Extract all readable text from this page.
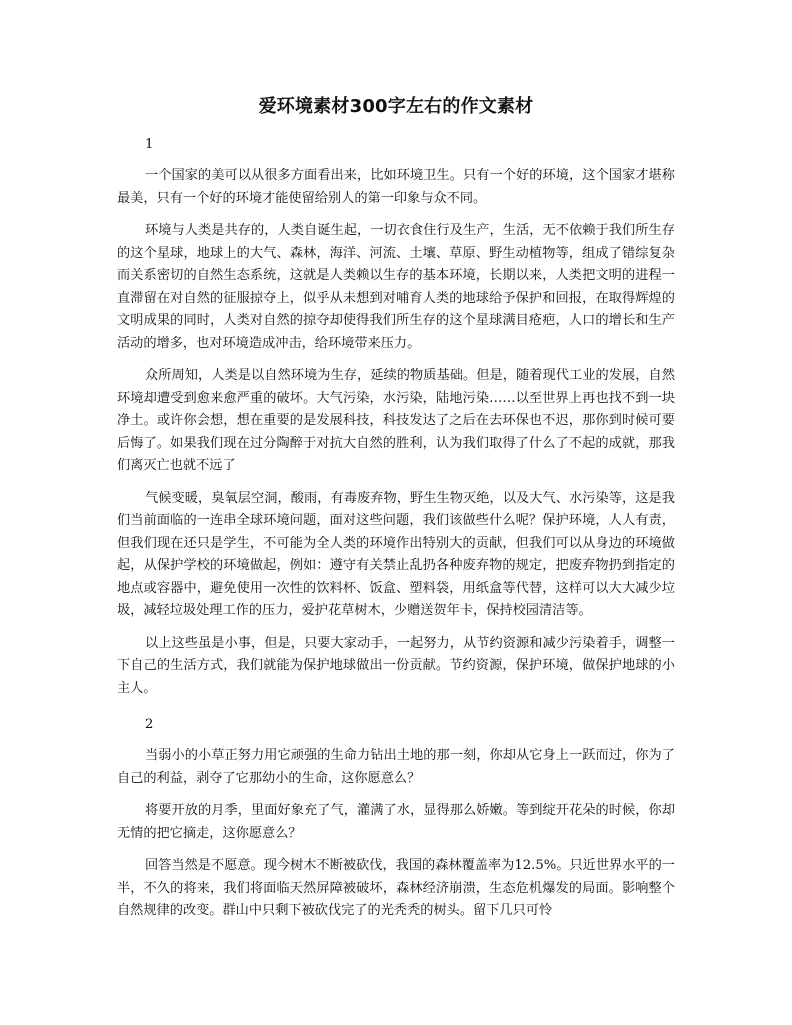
爱环境素材300字左右的作文素材
1

一个国家的美可以从很多方面看出来，比如环境卫生。只有一个好的环境，这个国家才堪称最美，只有一个好的环境才能使留给别人的第一印象与众不同。

环境与人类是共存的，人类自诞生起，一切衣食住行及生产，生活，无不依赖于我们所生存的这个星球，地球上的大气、森林，海洋、河流、土壤、草原、野生动植物等，组成了错综复杂而关系密切的自然生态系统，这就是人类赖以生存的基本环境，长期以来，人类把文明的进程一直滞留在对自然的征服掠夺上，似乎从未想到对哺育人类的地球给予保护和回报，在取得辉煌的文明成果的同时，人类对自然的掠夺却使得我们所生存的这个星球满目疮疤，人口的增长和生产活动的增多，也对环境造成冲击，给环境带来压力。

众所周知，人类是以自然环境为生存，延续的物质基础。但是，随着现代工业的发展，自然环境却遭受到愈来愈严重的破坏。大气污染，水污染，陆地污染……以至世界上再也找不到一块净土。或许你会想，想在重要的是发展科技，科技发达了之后在去环保也不迟，那你到时候可要后悔了。如果我们现在过分陶醉于对抗大自然的胜利，认为我们取得了什么了不起的成就，那我们离灭亡也就不远了

气候变暖，臭氧层空洞，酸雨，有毒废弃物，野生生物灭绝，以及大气、水污染等，这是我们当前面临的一连串全球环境问题，面对这些问题，我们该做些什么呢？保护环境，人人有责，但我们现在还只是学生，不可能为全人类的环境作出特别大的贡献，但我们可以从身边的环境做起，从保护学校的环境做起，例如：遵守有关禁止乱扔各种废弃物的规定，把废弃物扔到指定的地点或容器中，避免使用一次性的饮料杯、饭盒、塑料袋，用纸盒等代替，这样可以大大减少垃圾，减轻垃圾处理工作的压力，爱护花草树木，少赠送贺年卡，保持校园清洁等。

以上这些虽是小事，但是，只要大家动手，一起努力，从节约资源和减少污染着手，调整一下自己的生活方式，我们就能为保护地球做出一份贡献。节约资源，保护环境，做保护地球的小主人。

2

当弱小的小草正努力用它顽强的生命力钻出土地的那一刻，你却从它身上一跃而过，你为了自己的利益，剥夺了它那幼小的生命，这你愿意么？

将要开放的月季，里面好象充了气，灌满了水，显得那么娇嫩。等到绽开花朵的时候，你却无情的把它摘走，这你愿意么？

回答当然是不愿意。现今树木不断被砍伐，我国的森林覆盖率为12.5%。只近世界水平的一半，不久的将来，我们将面临天然屏障被破坏，森林经济崩溃，生态危机爆发的局面。影响整个自然规律的改变。群山中只剩下被砍伐完了的光秃秃的树头。留下几只可怜
